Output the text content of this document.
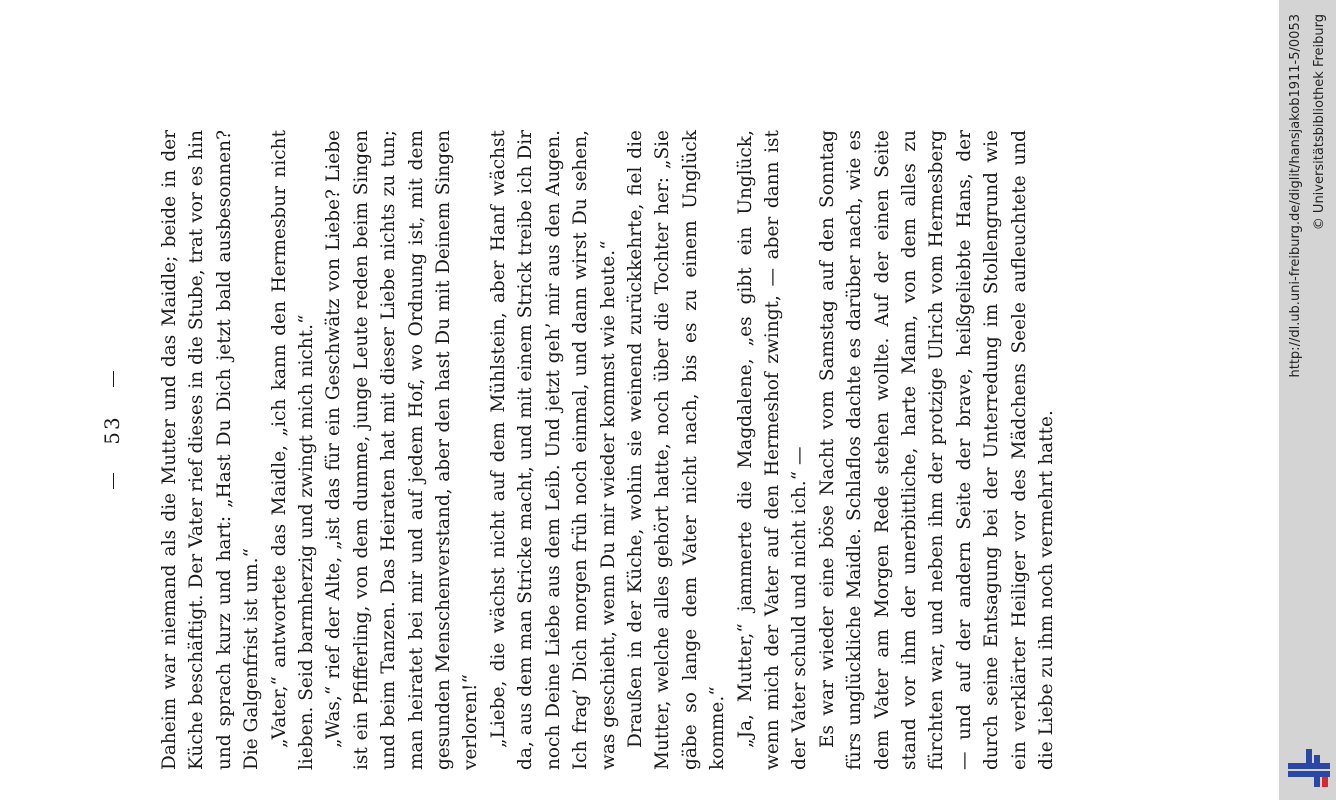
53	Daheim war niemand als die Mutter und das Maidle; beide in der Küche beschäftigt. Der Vater rief dieses in die Stube, trat vor es hin und sprach kurz und hart: „Hast Du Dich jetzt bald ausbesonnen? Die Galgenfrist ist um.“ „Vater,“ antwortete das Maidle, „ich kann den Hermesbur nicht lieben. Seid barmherzig und zwingt mich nicht.“ „Was,“ rief der Alte, „ist das für ein Geschwätz von Liebe? Liebe ist ein Pfifferling, von dem dumme, junge Leute reden beim Singen und beim Tanzen. Das Heiraten hat mit dieser Liebe nichts zu tun; man heiratet bei mir und auf jedem Hof, wo Ordnung ist, mit dem gesunden Menschenverstand, aber den hast Du mit Deinem Singen verloren!“ „Liebe, die wächst nicht auf dem Mühlstein, aber Hanf wächst da, aus dem man Stricke macht, und mit einem Strick treibe ich Dir noch Deine Liebe aus dem Leib. Und jetzt geh’ mir aus den Augen. Ich frag’ Dich morgen früh noch einmal, und dann wirst Du sehen, was geschieht, wenn Du mir wieder kommst wie heute.“ Draußen in der Küche, wohin sie weinend zurückkehrte, fiel die Mutter, welche alles gehört hatte, noch über die Tochter her: „Sie gäbe so lange dem Vater nicht nach, bis es zu einem Unglück komme.“ „Ja, Mutter,“ jammerte die Magdalene, „es gibt ein Unglück, wenn mich der Vater auf den Hermeshof zwingt, — aber dann ist der Vater schuld und nicht ich.“ — Es war wieder eine böse Nacht vom Samstag auf den Sonntag fürs unglückliche Maidle. Schlaflos dachte es darüber nach, wie es dem Vater am Morgen Rede stehen wollte. Auf der einen Seite stand vor ihm der unerbittliche, harte Mann, von dem alles zu fürchten war, und neben ihm der protzige Ulrich vom Hermesberg — und auf der andern Seite der brave, heißgeliebte Hans, der durch seine Entsagung bei der Unterredung im Stollengrund wie ein verklärter Heiliger vor des Mädchens Seele aufleuchtete und die Liebe zu ihm noch vermehrt hatte.

http://dl.ub.uni-freiburg.de/diglit/hansjakob1911-5/0053 © Universitätsbibliothek Freiburg
